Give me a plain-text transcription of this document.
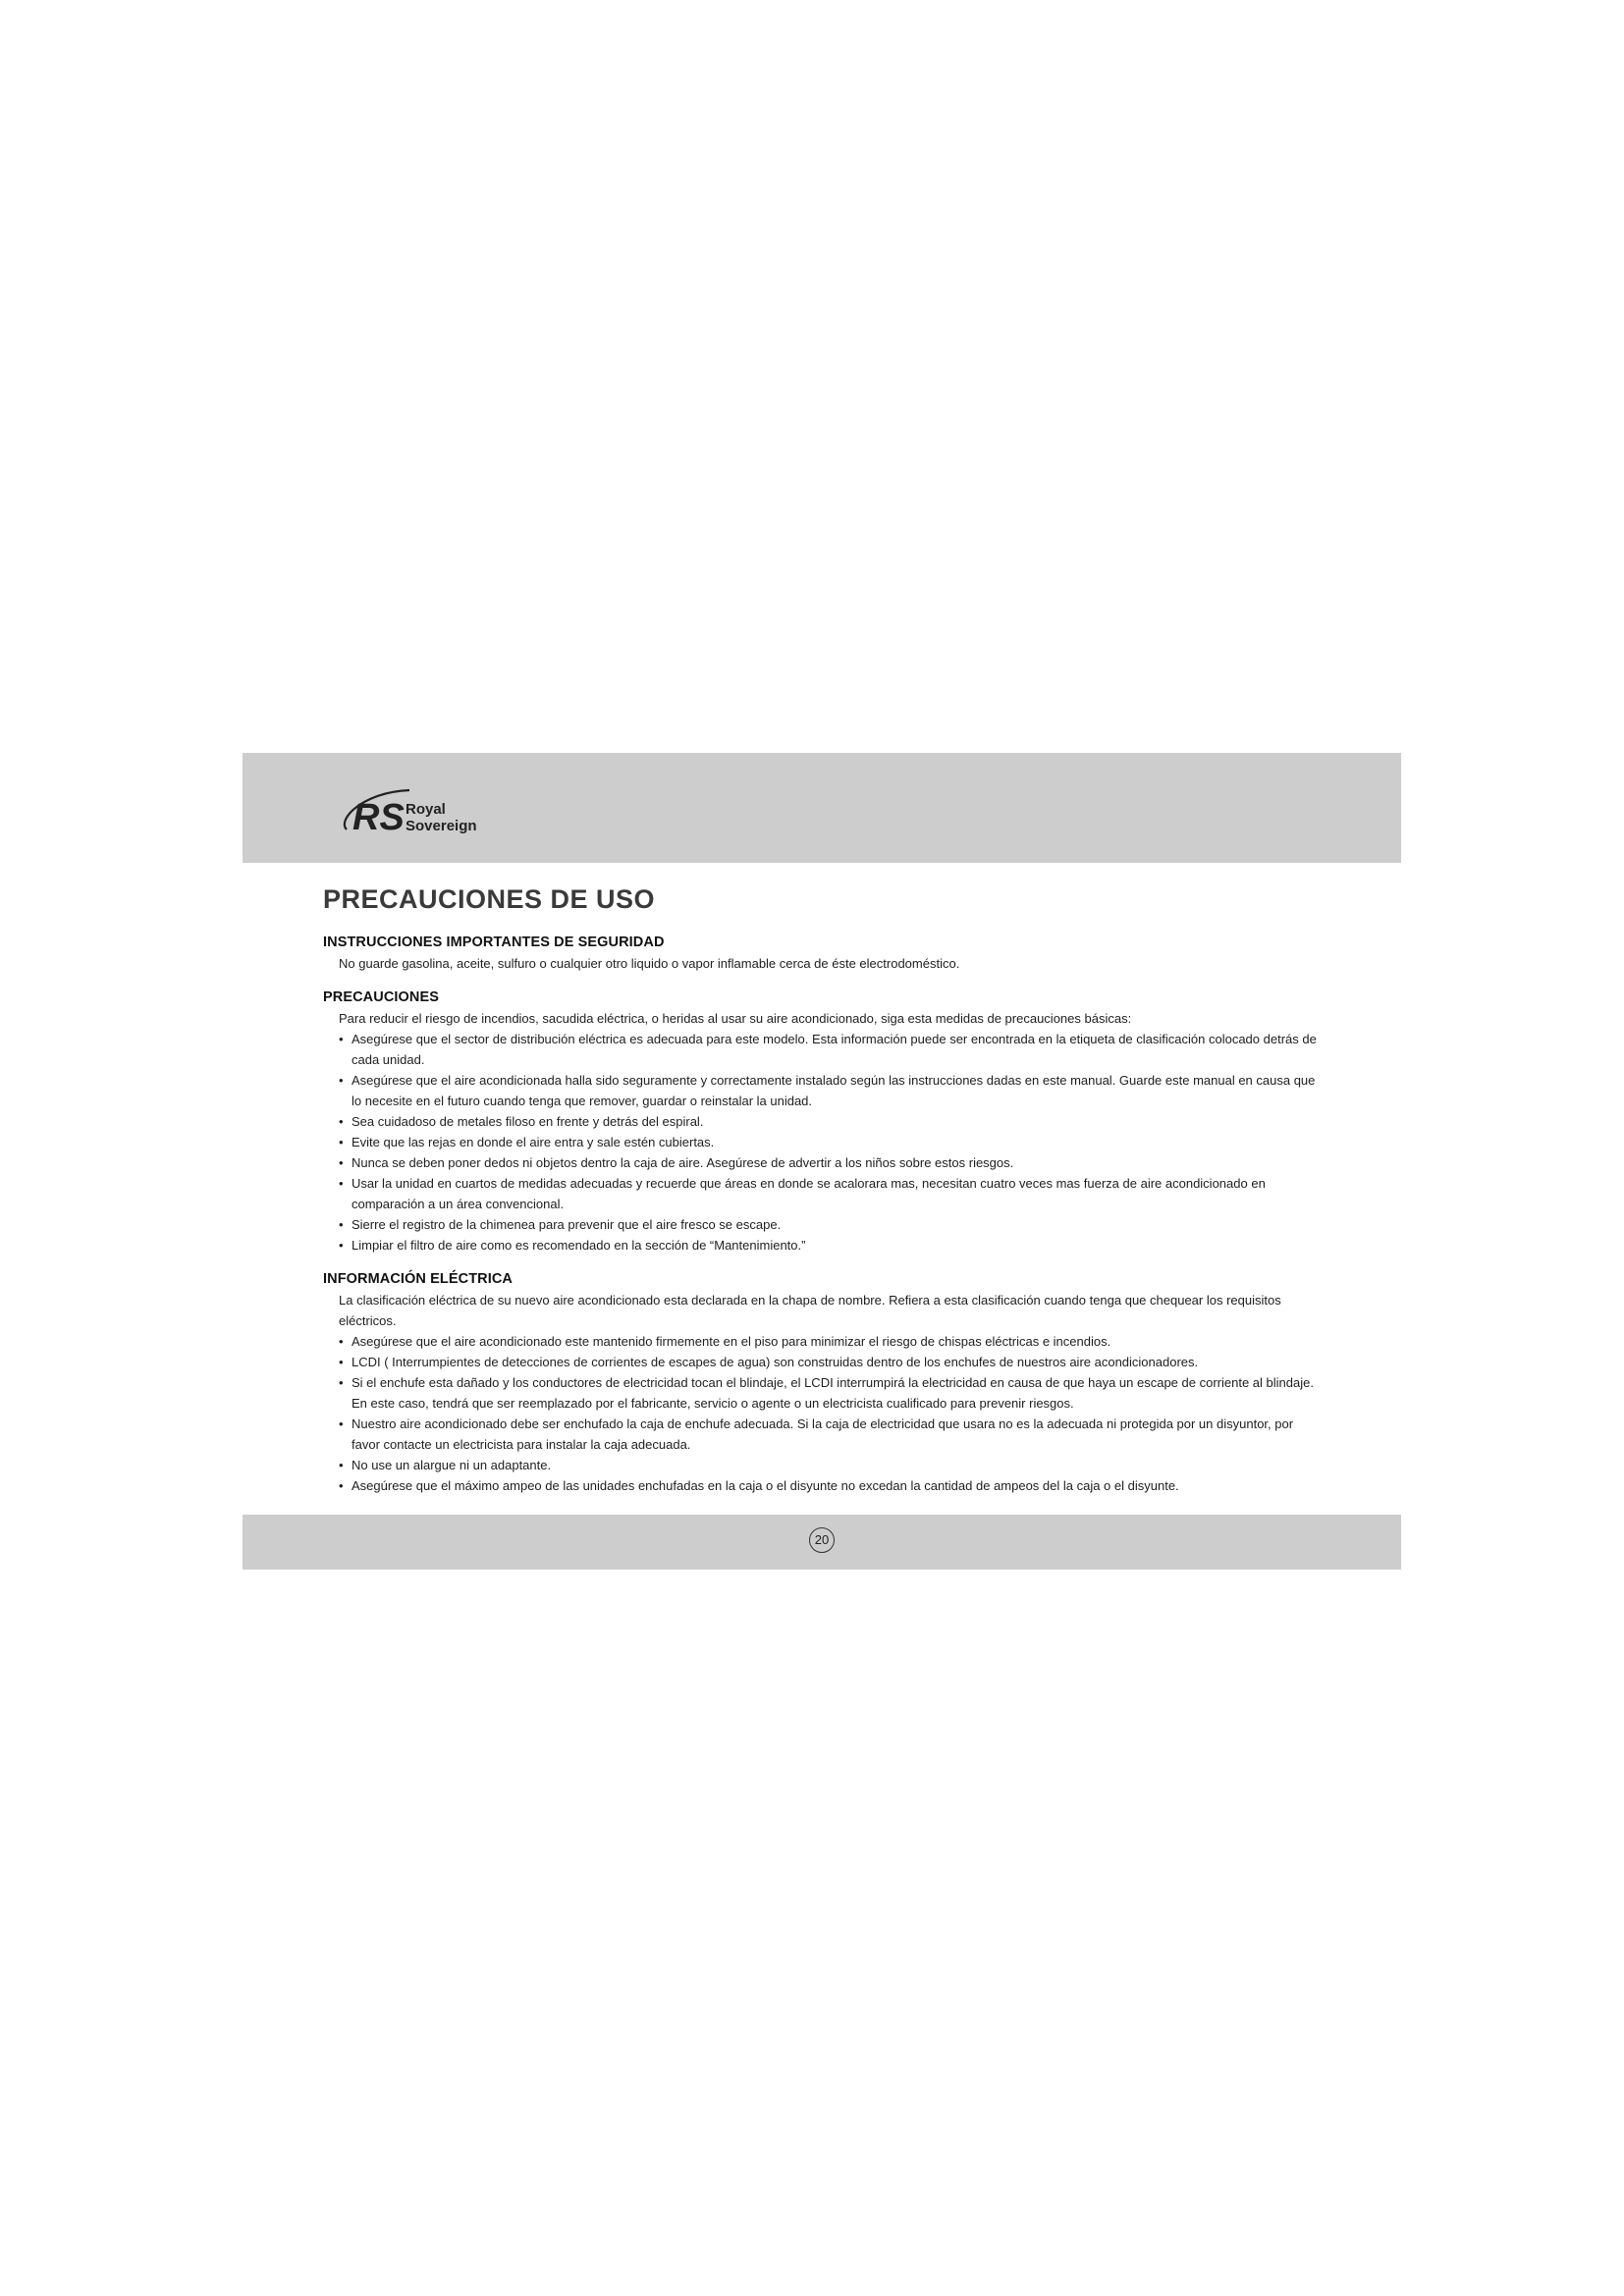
RS Royal
Sovereign
PRECAUCIONES DE USO
INSTRUCCIONES IMPORTANTES DE SEGURIDAD

No guarde gasolina, aceite, sulfuro o cualquier otro liquido o vapor inflamable cerca de éste electrodoméstico.

PRECAUCIONES

Para reducir el riesgo de incendios, sacudida eléctrica, o heridas al usar su aire acondicionado, siga esta medidas de precauciones básicas:

• Asegúrese que el sector de distribución eléctrica es adecuada para este modelo. Esta información puede ser encontrada en la etiqueta de clasificación colocado detrás de cada unidad.
• Asegúrese que el aire acondicionada halla sido seguramente y correctamente instalado según las instrucciones dadas en este manual. Guarde este manual en causa que lo necesite en el futuro cuando tenga que remover, guardar o reinstalar la unidad.
• Sea cuidadoso de metales filoso en frente y detrás del espiral.
• Evite que las rejas en donde el aire entra y sale estén cubiertas.
• Nunca se deben poner dedos ni objetos dentro la caja de aire. Asegúrese de advertir a los niños sobre estos riesgos.
• Usar la unidad en cuartos de medidas adecuadas y recuerde que áreas en donde se acalorara mas, necesitan cuatro veces mas fuerza de aire acondicionado en comparación a un área convencional.
• Sierre el registro de la chimenea para prevenir que el aire fresco se escape.
• Limpiar el filtro de aire como es recomendado en la sección de “Mantenimiento.”
INFORMACIÓN ELÉCTRICA

La clasificación eléctrica de su nuevo aire acondicionado esta declarada en la chapa de nombre. Refiera a esta clasificación cuando tenga que chequear los requisitos eléctricos.

• Asegúrese que el aire acondicionado este mantenido firmemente en el piso para minimizar el riesgo de chispas eléctricas e incendios.
• LCDI ( Interrumpientes de detecciones de corrientes de escapes de agua) son construidas dentro de los enchufes de nuestros aire acondicionadores.
• Si el enchufe esta dañado y los conductores de electricidad tocan el blindaje, el LCDI interrumpirá la electricidad en causa de que haya un escape de corriente al blindaje. En este caso, tendrá que ser reemplazado por el fabricante, servicio o agente o un electricista cualificado para prevenir riesgos.
• Nuestro aire acondicionado debe ser enchufado la caja de enchufe adecuada. Si la caja de electricidad que usara no es la adecuada ni protegida por un disyuntor, por favor contacte un electricista para instalar la caja adecuada.
• No use un alargue ni un adaptante.
• Asegúrese que el máximo ampeo de las unidades enchufadas en la caja o el disyunte no excedan la cantidad de ampeos del la caja o el disyunte.
20
